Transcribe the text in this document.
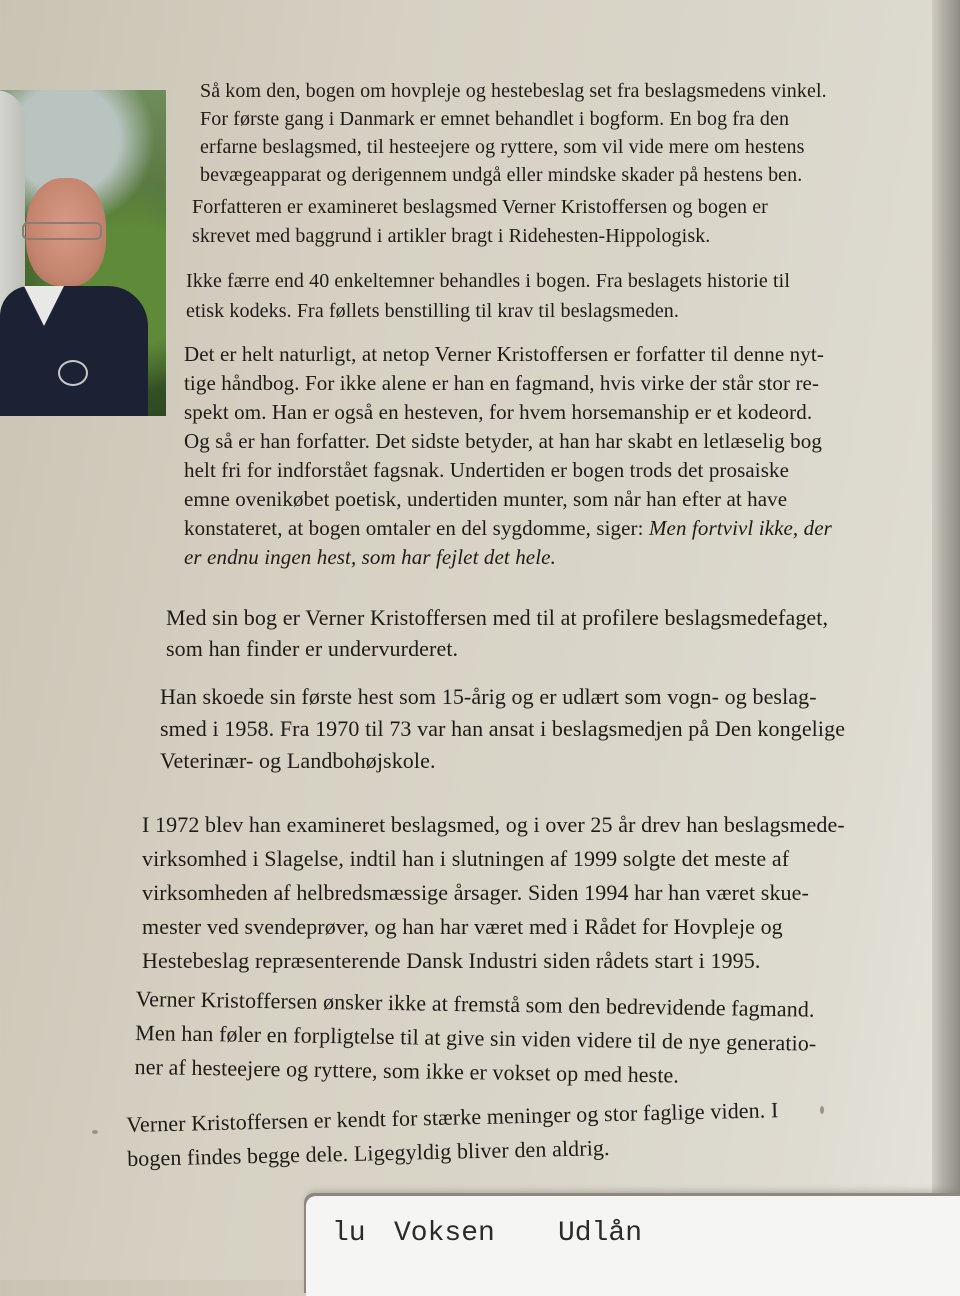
Så kom den, bogen om hovpleje og hestebeslag set fra beslagsmedens vinkel.
For første gang i Danmark er emnet behandlet i bogform. En bog fra den
erfarne beslagsmed, til hesteejere og ryttere, som vil vide mere om hestens
bevægeapparat og derigennem undgå eller mindske skader på hestens ben.

Forfatteren er examineret beslagsmed Verner Kristoffersen og bogen er
skrevet med baggrund i artikler bragt i Ridehesten-Hippologisk.

Ikke færre end 40 enkeltemner behandles i bogen. Fra beslagets historie til
etisk kodeks. Fra føllets benstilling til krav til beslagsmeden.

Det er helt naturligt, at netop Verner Kristoffersen er forfatter til denne nyt-
tige håndbog. For ikke alene er han en fagmand, hvis virke der står stor re-
spekt om. Han er også en hesteven, for hvem horsemanship er et kodeord.
Og så er han forfatter. Det sidste betyder, at han har skabt en letlæselig bog
helt fri for indforstået fagsnak. Undertiden er bogen trods det prosaiske
emne ovenikøbet poetisk, undertiden munter, som når han efter at have
konstateret, at bogen omtaler en del sygdomme, siger: Men fortvivl ikke, der
er endnu ingen hest, som har fejlet det hele.

Med sin bog er Verner Kristoffersen med til at profilere beslagsmedefaget,
som han finder er undervurderet.

Han skoede sin første hest som 15-årig og er udlært som vogn- og beslag-
smed i 1958. Fra 1970 til 73 var han ansat i beslagsmedjen på Den kongelige
Veterinær- og Landbohøjskole.

I 1972 blev han examineret beslagsmed, og i over 25 år drev han beslagsmede-
virksomhed i Slagelse, indtil han i slutningen af 1999 solgte det meste af
virksomheden af helbredsmæssige årsager. Siden 1994 har han været skue-
mester ved svendeprøver, og han har været med i Rådet for Hovpleje og
Hestebeslag repræsenterende Dansk Industri siden rådets start i 1995.

Verner Kristoffersen ønsker ikke at fremstå som den bedrevidende fagmand.
Men han føler en forpligtelse til at give sin viden videre til de nye generatio-
ner af hesteejere og ryttere, som ikke er vokset op med heste.

Verner Kristoffersen er kendt for stærke meninger og stor faglige viden. I
bogen findes begge dele. Ligegyldig bliver den aldrig.

lu Voksen Udlån
